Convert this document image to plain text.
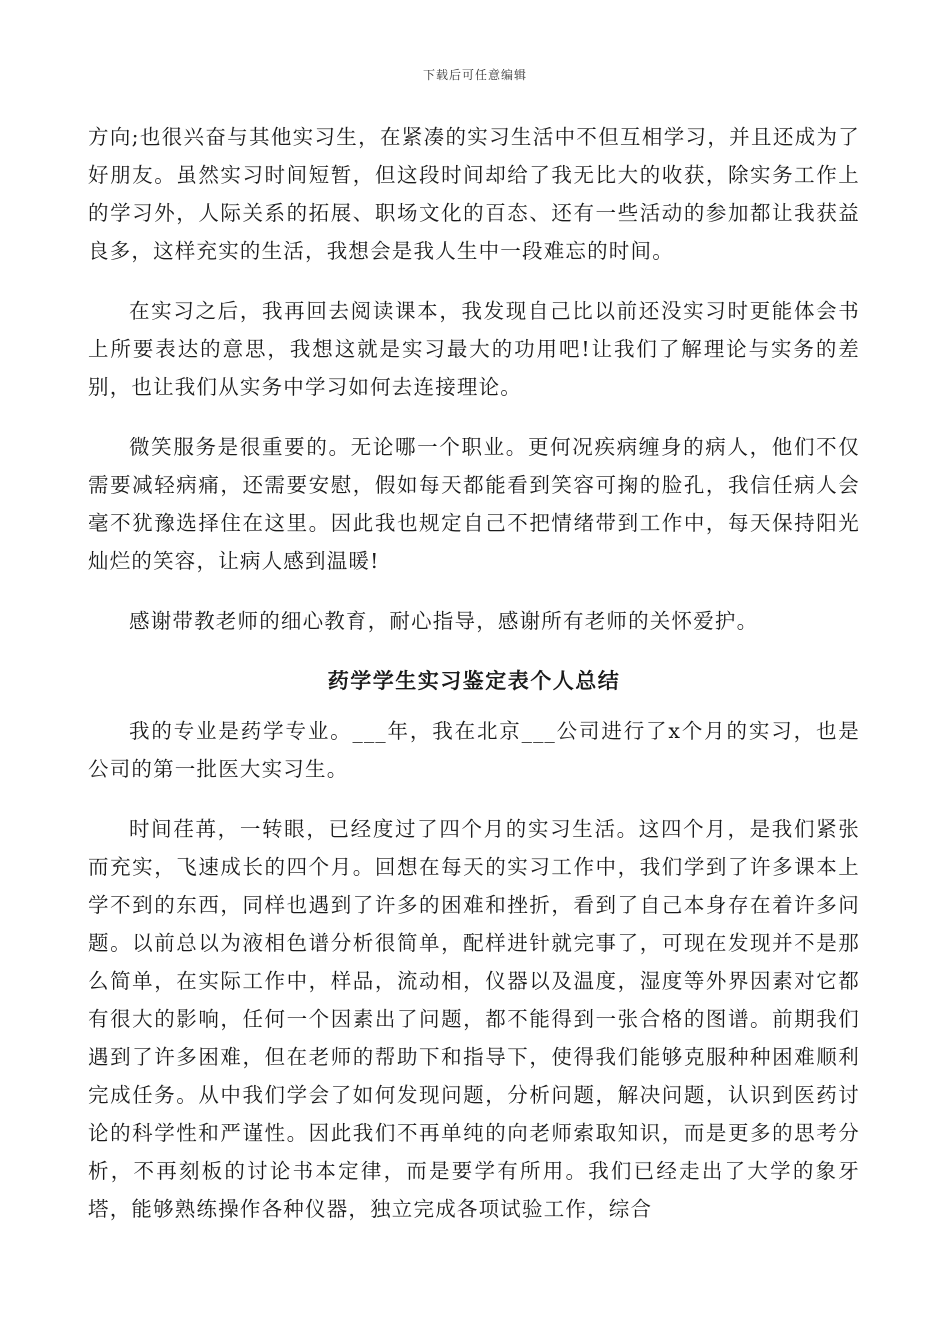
下载后可任意编辑

方向;也很兴奋与其他实习生，在紧凑的实习生活中不但互相学习，并且还成为了好朋友。虽然实习时间短暂，但这段时间却给了我无比大的收获，除实务工作上的学习外，人际关系的拓展、职场文化的百态、还有一些活动的参加都让我获益良多，这样充实的生活，我想会是我人生中一段难忘的时间。

在实习之后，我再回去阅读课本，我发现自己比以前还没实习时更能体会书上所要表达的意思，我想这就是实习最大的功用吧!让我们了解理论与实务的差别，也让我们从实务中学习如何去连接理论。

微笑服务是很重要的。无论哪一个职业。更何况疾病缠身的病人，他们不仅需要减轻病痛，还需要安慰，假如每天都能看到笑容可掬的脸孔，我信任病人会毫不犹豫选择住在这里。因此我也规定自己不把情绪带到工作中，每天保持阳光灿烂的笑容，让病人感到温暖!

感谢带教老师的细心教育，耐心指导，感谢所有老师的关怀爱护。

药学学生实习鉴定表个人总结

我的专业是药学专业。___年，我在北京___公司进行了x个月的实习，也是公司的第一批医大实习生。

时间荏苒，一转眼，已经度过了四个月的实习生活。这四个月，是我们紧张而充实，飞速成长的四个月。回想在每天的实习工作中，我们学到了许多课本上学不到的东西，同样也遇到了许多的困难和挫折，看到了自己本身存在着许多问题。以前总以为液相色谱分析很简单，配样进针就完事了，可现在发现并不是那么简单，在实际工作中，样品，流动相，仪器以及温度，湿度等外界因素对它都有很大的影响，任何一个因素出了问题，都不能得到一张合格的图谱。前期我们遇到了许多困难，但在老师的帮助下和指导下，使得我们能够克服种种困难顺利完成任务。从中我们学会了如何发现问题，分析问题，解决问题，认识到医药讨论的科学性和严谨性。因此我们不再单纯的向老师索取知识，而是更多的思考分析，不再刻板的讨论书本定律，而是要学有所用。我们已经走出了大学的象牙塔，能够熟练操作各种仪器，独立完成各项试验工作，综合
